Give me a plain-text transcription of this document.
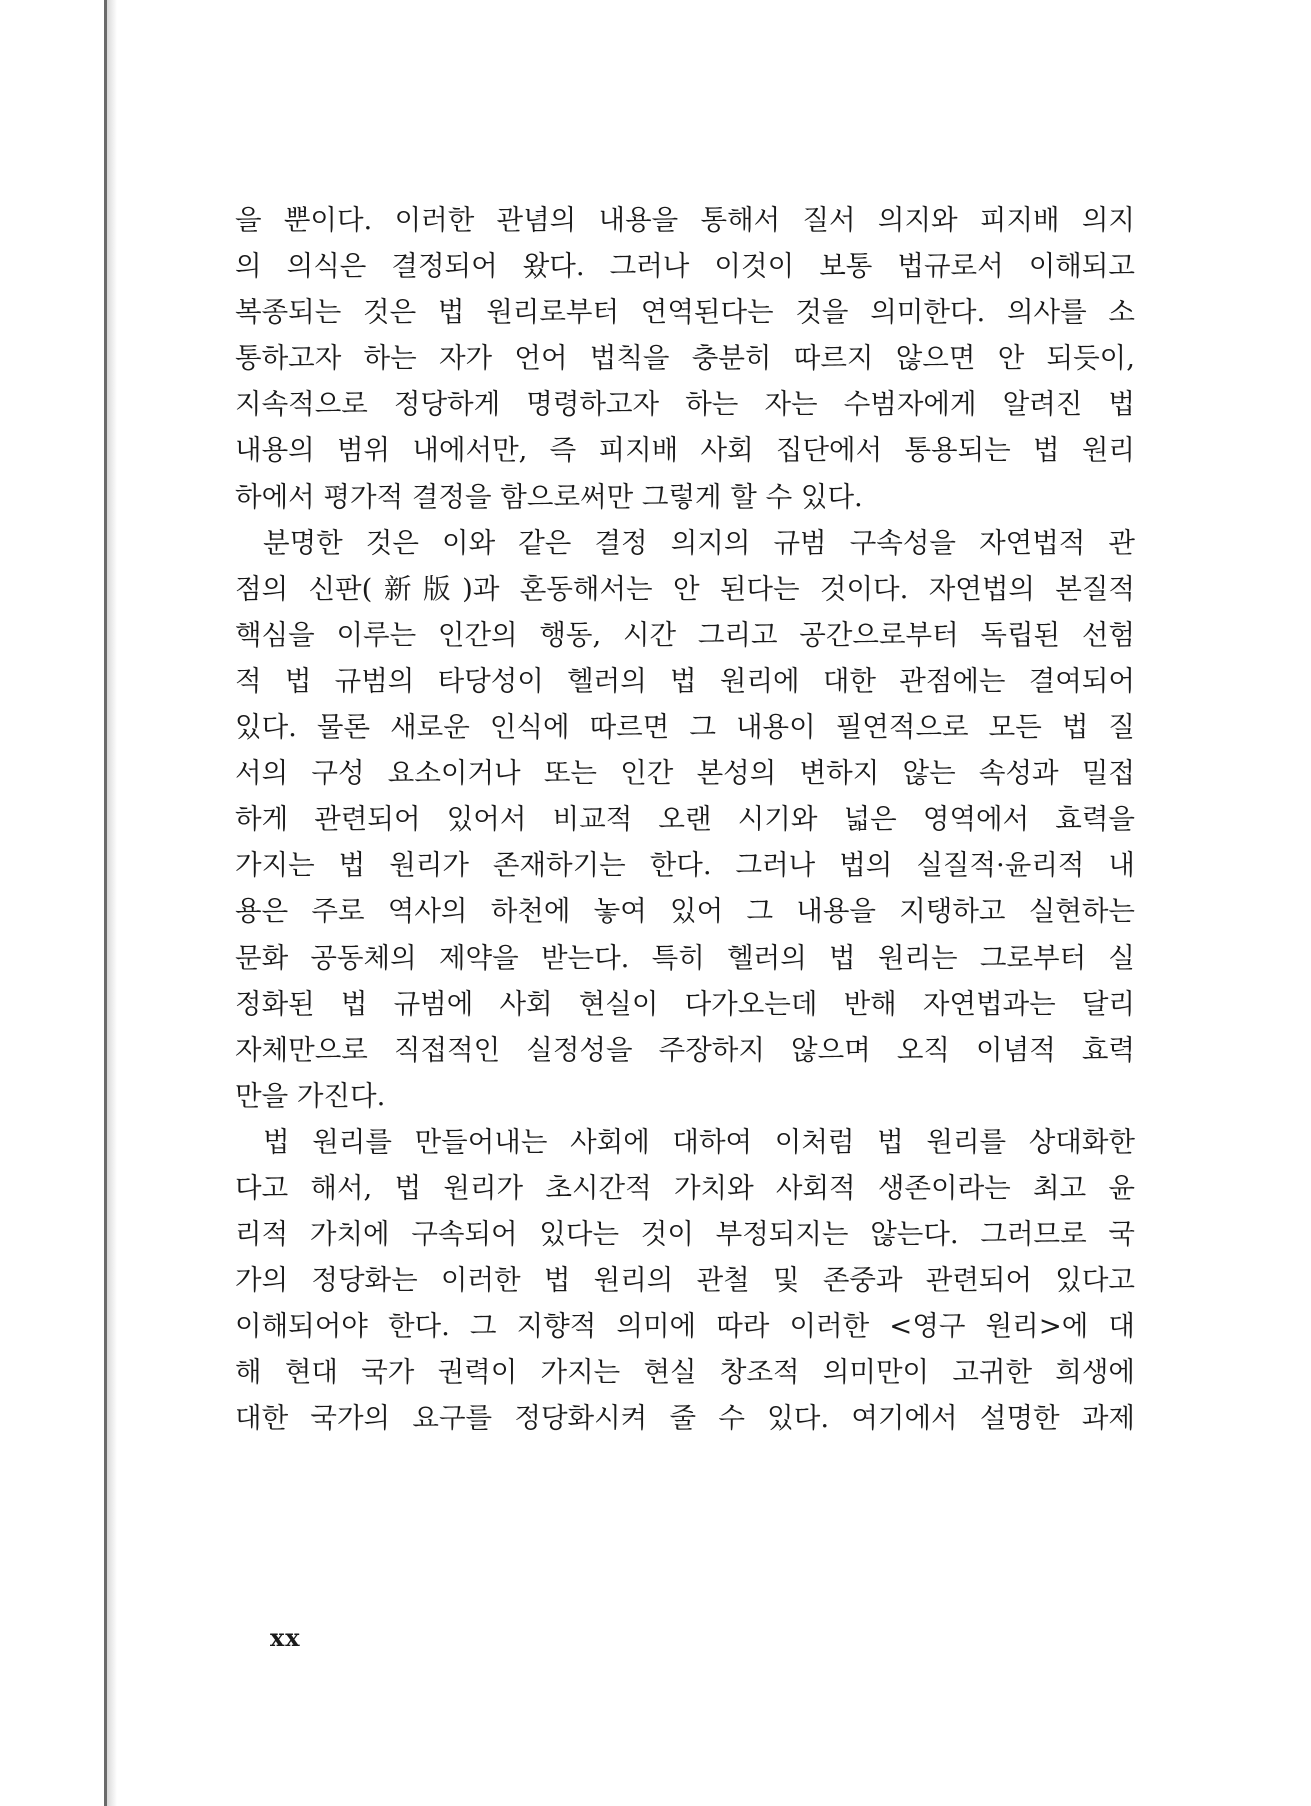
을 뿐이다. 이러한 관념의 내용을 통해서 질서 의지와 피지배 의지
의 의식은 결정되어 왔다. 그러나 이것이 보통 법규로서 이해되고
복종되는 것은 법 원리로부터 연역된다는 것을 의미한다. 의사를 소
통하고자 하는 자가 언어 법칙을 충분히 따르지 않으면 안 되듯이,
지속적으로 정당하게 명령하고자 하는 자는 수범자에게 알려진 법
내용의 범위 내에서만, 즉 피지배 사회 집단에서 통용되는 법 원리
하에서 평가적 결정을 함으로써만 그렇게 할 수 있다.
분명한 것은 이와 같은 결정 의지의 규범 구속성을 자연법적 관
점의 신판(新版)과 혼동해서는 안 된다는 것이다. 자연법의 본질적
핵심을 이루는 인간의 행동, 시간 그리고 공간으로부터 독립된 선험
적 법 규범의 타당성이 헬러의 법 원리에 대한 관점에는 결여되어
있다. 물론 새로운 인식에 따르면 그 내용이 필연적으로 모든 법 질
서의 구성 요소이거나 또는 인간 본성의 변하지 않는 속성과 밀접
하게 관련되어 있어서 비교적 오랜 시기와 넓은 영역에서 효력을
가지는 법 원리가 존재하기는 한다. 그러나 법의 실질적·윤리적 내
용은 주로 역사의 하천에 놓여 있어 그 내용을 지탱하고 실현하는
문화 공동체의 제약을 받는다. 특히 헬러의 법 원리는 그로부터 실
정화된 법 규범에 사회 현실이 다가오는데 반해 자연법과는 달리
자체만으로 직접적인 실정성을 주장하지 않으며 오직 이념적 효력
만을 가진다.
법 원리를 만들어내는 사회에 대하여 이처럼 법 원리를 상대화한
다고 해서, 법 원리가 초시간적 가치와 사회적 생존이라는 최고 윤
리적 가치에 구속되어 있다는 것이 부정되지는 않는다. 그러므로 국
가의 정당화는 이러한 법 원리의 관철 및 존중과 관련되어 있다고
이해되어야 한다. 그 지향적 의미에 따라 이러한 <영구 원리>에 대
해 현대 국가 권력이 가지는 현실 창조적 의미만이 고귀한 희생에
대한 국가의 요구를 정당화시켜 줄 수 있다. 여기에서 설명한 과제
xx
